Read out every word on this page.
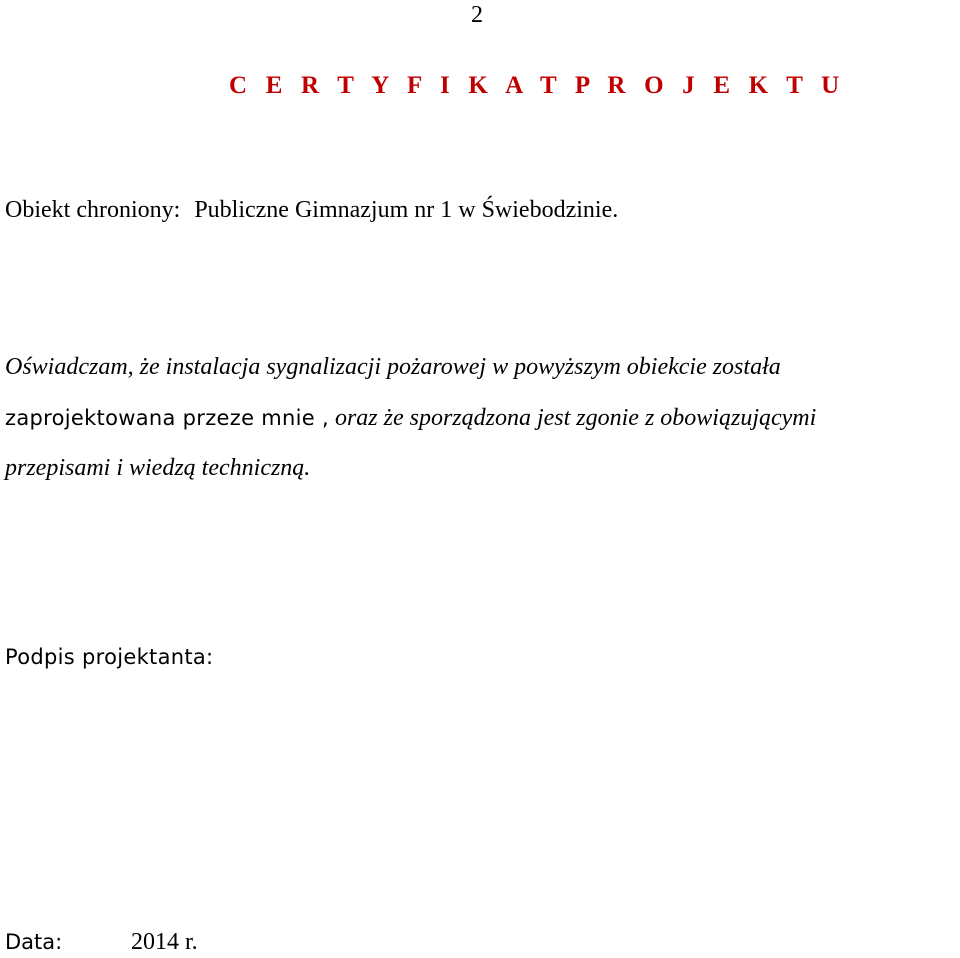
2
C E R T Y F I K A T P R O J E K T U
Obiekt chroniony: Publiczne Gimnazjum nr 1 w Świebodzinie.
Oświadczam, że instalacja sygnalizacji pożarowej w powyższym obiekcie została
zaprojektowana przeze mnie , oraz że sporządzona jest zgonie z obowiązującymi
przepisami i wiedzą techniczną.
Podpis projektanta:
Data:	2014 r.
